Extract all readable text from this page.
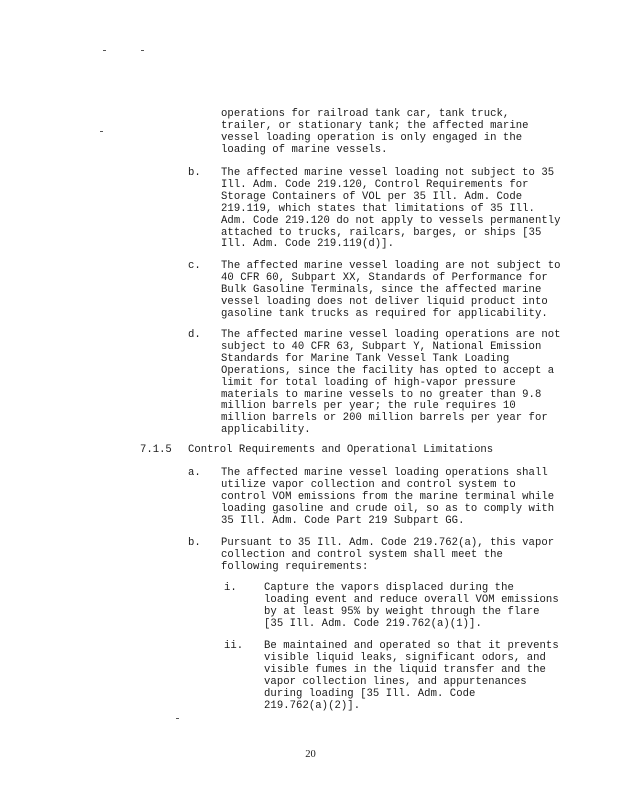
operations for railroad tank car, tank truck,
trailer, or stationary tank; the affected marine
vessel loading operation is only engaged in the
loading of marine vessels.
b. The affected marine vessel loading not subject to 35
Ill. Adm. Code 219.120, Control Requirements for
Storage Containers of VOL per 35 Ill. Adm. Code
219.119, which states that limitations of 35 Ill.
Adm. Code 219.120 do not apply to vessels permanently
attached to trucks, railcars, barges, or ships [35
Ill. Adm. Code 219.119(d)].
c. The affected marine vessel loading are not subject to
40 CFR 60, Subpart XX, Standards of Performance for
Bulk Gasoline Terminals, since the affected marine
vessel loading does not deliver liquid product into
gasoline tank trucks as required for applicability.
d. The affected marine vessel loading operations are not
subject to 40 CFR 63, Subpart Y, National Emission
Standards for Marine Tank Vessel Tank Loading
Operations, since the facility has opted to accept a
limit for total loading of high-vapor pressure
materials to marine vessels to no greater than 9.8
million barrels per year; the rule requires 10
million barrels or 200 million barrels per year for
applicability.
7.1.5 Control Requirements and Operational Limitations
a. The affected marine vessel loading operations shall
utilize vapor collection and control system to
control VOM emissions from the marine terminal while
loading gasoline and crude oil, so as to comply with
35 Ill. Adm. Code Part 219 Subpart GG.
b. Pursuant to 35 Ill. Adm. Code 219.762(a), this vapor
collection and control system shall meet the
following requirements:
i.	Capture the vapors displaced during the
loading event and reduce overall VOM emissions
by at least 95% by weight through the flare
[35 Ill. Adm. Code 219.762(a)(1)].
ii. Be maintained and operated so that it prevents
visible liquid leaks, significant odors, and
visible fumes in the liquid transfer and the
vapor collection lines, and appurtenances
during loading [35 Ill. Adm. Code
219.762(a)(2)].
20
